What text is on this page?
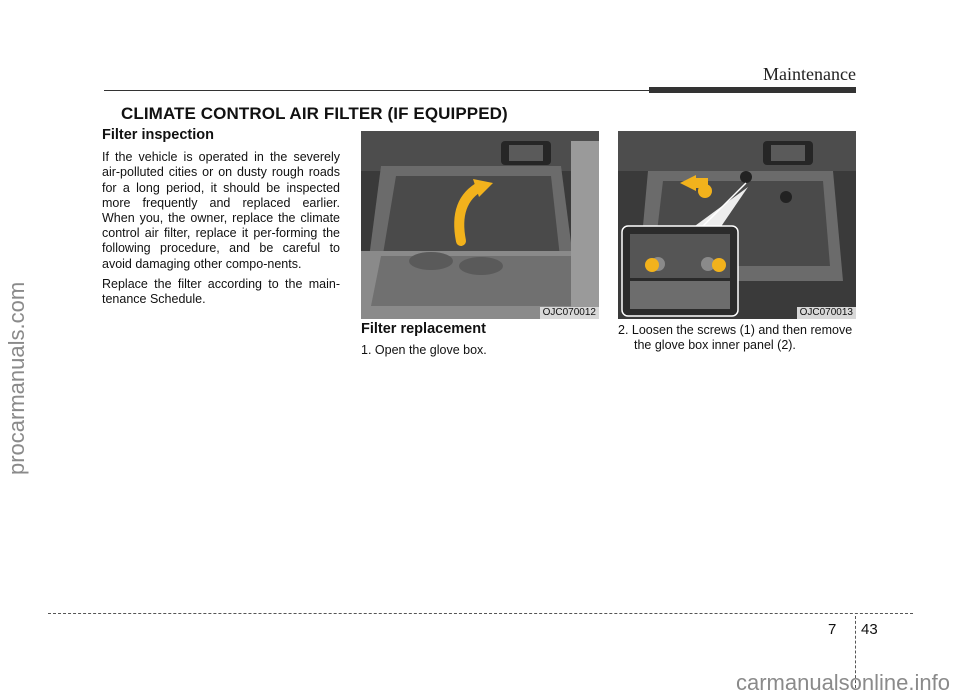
Maintenance
CLIMATE CONTROL AIR FILTER (IF EQUIPPED)
procarmanuals.com
Filter inspection

If the vehicle is operated in the severely air-polluted cities or on dusty rough roads for a long period, it should be inspected more frequently and replaced earlier. When you, the owner, replace the climate control air filter, replace it per-forming the following procedure, and be careful to avoid damaging other compo-nents.

Replace the filter according to the main-tenance Schedule.

OJC070012	OJC070013
Filter replacement

1. Open the glove box.

2. Loosen the screws (1) and then remove the glove box inner panel (2).

7 43
carmanualsonline.info
